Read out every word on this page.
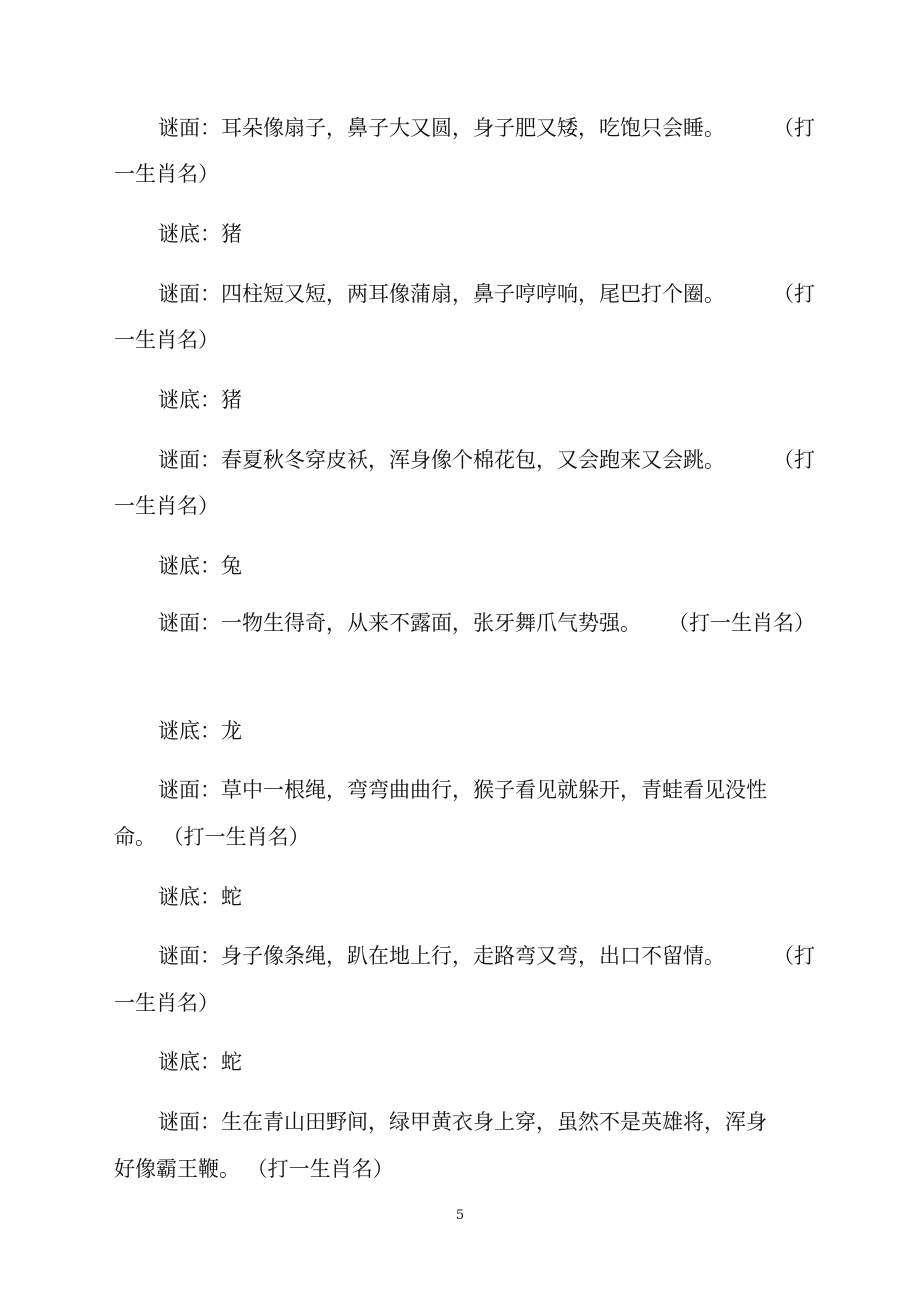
谜面：耳朵像扇子，鼻子大又圆，身子肥又矮，吃饱只会睡。 （打
一生肖名）
谜底：猪
谜面：四柱短又短，两耳像蒲扇，鼻子哼哼响，尾巴打个圈。 （打
一生肖名）
谜底：猪
谜面：春夏秋冬穿皮袄，浑身像个棉花包，又会跑来又会跳。 （打
一生肖名）
谜底：兔
谜面：一物生得奇，从来不露面，张牙舞爪气势强。 （打一生肖名）
谜底：龙
谜面：草中一根绳，弯弯曲曲行，猴子看见就躲开，青蛙看见没性
命。 （打一生肖名）
谜底：蛇
谜面：身子像条绳，趴在地上行，走路弯又弯，出口不留情。 （打
一生肖名）
谜底：蛇
谜面：生在青山田野间，绿甲黄衣身上穿，虽然不是英雄将，浑身
好像霸王鞭。 （打一生肖名）
5
